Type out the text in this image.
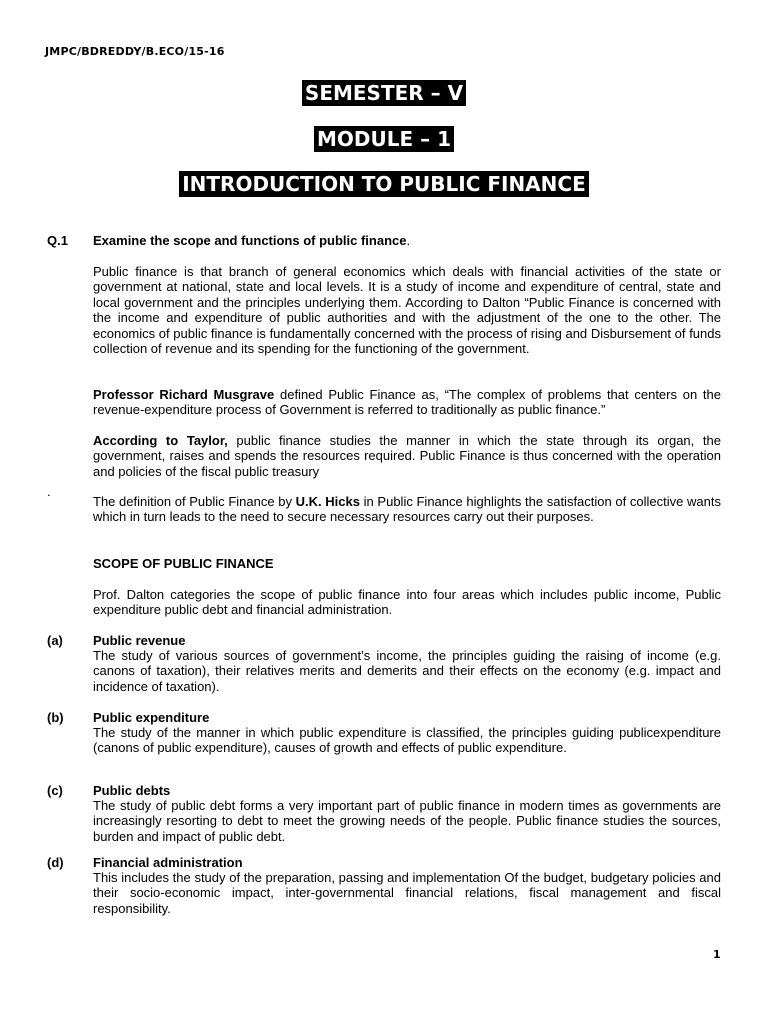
JMPC/BDREDDY/B.ECO/15-16
SEMESTER – V
MODULE – 1
INTRODUCTION TO PUBLIC FINANCE
Q.1 Examine the scope and functions of public finance.
Public finance is that branch of general economics which deals with financial activities of the state or government at national, state and local levels. It is a study of income and expenditure of central, state and local government and the principles underlying them. According to Dalton “Public Finance is concerned with the income and expenditure of public authorities and with the adjustment of the one to the other. The economics of public finance is fundamentally concerned with the process of rising and Disbursement of funds collection of revenue and its spending for the functioning of the government.
Professor Richard Musgrave defined Public Finance as, “The complex of problems that centers on the revenue-expenditure process of Government is referred to traditionally as public finance.”
According to Taylor, public finance studies the manner in which the state through its organ, the government, raises and spends the resources required. Public Finance is thus concerned with the operation and policies of the fiscal public treasury
.
The definition of Public Finance by U.K. Hicks in Public Finance highlights the satisfaction of collective wants which in turn leads to the need to secure necessary resources carry out their purposes.
SCOPE OF PUBLIC FINANCE
Prof. Dalton categories the scope of public finance into four areas which includes public income, Public expenditure public debt and financial administration.
(a) Public revenue
The study of various sources of government’s income, the principles guiding the raising of income (e.g. canons of taxation), their relatives merits and demerits and their effects on the economy (e.g. impact and incidence of taxation).
(b) Public expenditure
The study of the manner in which public expenditure is classified, the principles guiding publicexpenditure (canons of public expenditure), causes of growth and effects of public expenditure.
(c) Public debts
The study of public debt forms a very important part of public finance in modern times as governments are increasingly resorting to debt to meet the growing needs of the people. Public finance studies the sources, burden and impact of public debt.
(d) Financial administration
This includes the study of the preparation, passing and implementation Of the budget, budgetary policies and their socio-economic impact, inter-governmental financial relations, fiscal management and fiscal responsibility.
1
